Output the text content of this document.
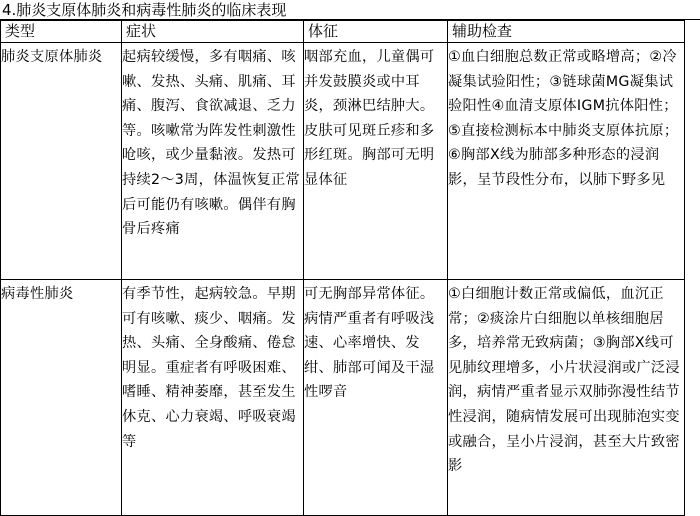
4.肺炎支原体肺炎和病毒性肺炎的临床表现
类型	症状	体征	辅助检查

肺炎支原体肺炎	起病较缓慢，多有咽痛、咳嗽、发热、头痛、肌痛、耳痛、腹泻、食欲减退、乏力等。咳嗽常为阵发性刺激性呛咳，或少量黏液。发热可持续2～3周，体温恢复正常后可能仍有咳嗽。偶伴有胸骨后疼痛	咽部充血，儿童偶可并发鼓膜炎或中耳炎，颈淋巴结肿大。皮肤可见斑丘疹和多形红斑。胸部可无明显体征	①血白细胞总数正常或略增高；②冷凝集试验阳性；③链球菌MG凝集试验阳性④血清支原体IGM抗体阳性；⑤直接检测标本中肺炎支原体抗原；⑥胸部X线为肺部多种形态的浸润影，呈节段性分布，以肺下野多见

病毒性肺炎	有季节性，起病较急。早期可有咳嗽、痰少、咽痛。发热、头痛、全身酸痛、倦怠明显。重症者有呼吸困难、嗜睡、精神萎靡，甚至发生休克、心力衰竭、呼吸衰竭等	可无胸部异常体征。病情严重者有呼吸浅速、心率增快、发绀、肺部可闻及干湿性啰音	①白细胞计数正常或偏低，血沉正常；②痰涂片白细胞以单核细胞居多，培养常无致病菌；③胸部X线可见肺纹理增多，小片状浸润或广泛浸润，病情严重者显示双肺弥漫性结节性浸润，随病情发展可出现肺泡实变或融合，呈小片浸润，甚至大片致密影
